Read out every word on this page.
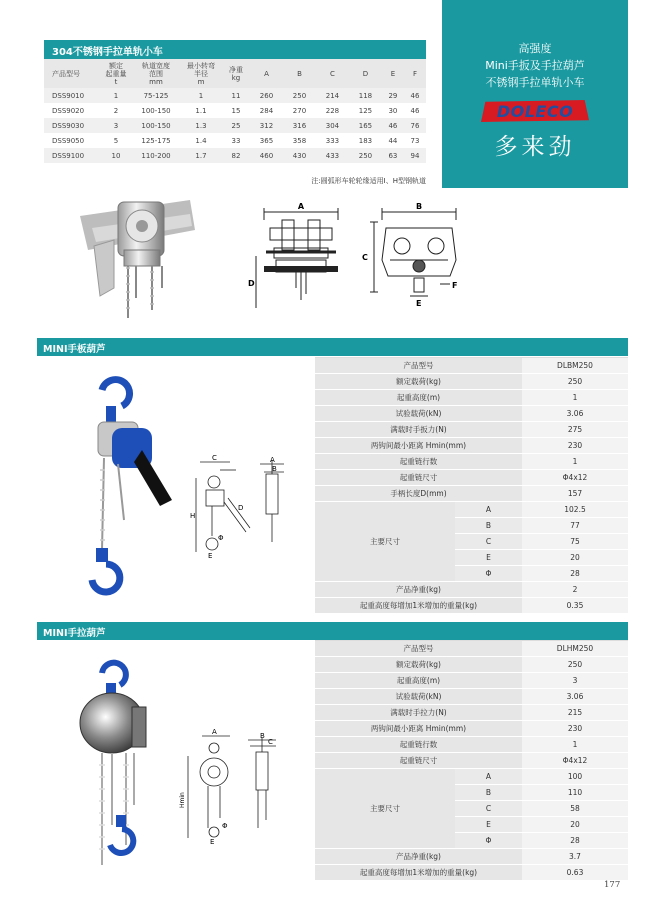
304不锈钢手拉单轨小车
产品型号	额定
起重量
t	轨道宽度
范围
mm	最小转弯
半径
m	净重
kg	A	B	C	D	E	F
DSS9010	1	75-125	1	11	260	250	214	118	29	46
DSS9020	2	100-150	1.1	15	284	270	228	125	30	46
DSS9030	3	100-150	1.3	25	312	316	304	165	46	76
DSS9050	5	125-175	1.4	33	365	358	333	183	44	73
DSS9100	10	110-200	1.7	82	460	430	433	250	63	94
注:圆弧形车轮轮缘适用I、H型钢轨道
高强度
Mini手扳及手拉葫芦
不锈钢手拉单轨小车
DOLECO
多来劲
A
D
B
C
E
F
MINI手板葫芦
产品型号		DLBM250
额定载荷(kg)		250
起重高度(m)		1
试验载荷(kN)		3.06
满载时手扳力(N)		275
两钩间最小距离 Hmin(mm)		230
起重链行数		1
起重链尺寸		Φ4x12
手柄长度D(mm)		157
主要尺寸	A	102.5
	B	77
	C	75
	E	20
	Φ	28
产品净重(kg)		2
起重高度每增加1米增加的重量(kg)		0.35
C	A
B
H
D
Φ
E
MINI手拉葫芦
产品型号		DLHM250
额定载荷(kg)		250
起重高度(m)		3
试验载荷(kN)		3.06
满载时手拉力(N)		215
两钩间最小距离 Hmin(mm)		230
起重链行数		1
起重链尺寸		Φ4x12
主要尺寸	A	100
	B	110
	C	58
	E	20
	Φ	28
产品净重(kg)		3.7
起重高度每增加1米增加的重量(kg)		0.63
A	B
C
Hmin
Φ
E
177
